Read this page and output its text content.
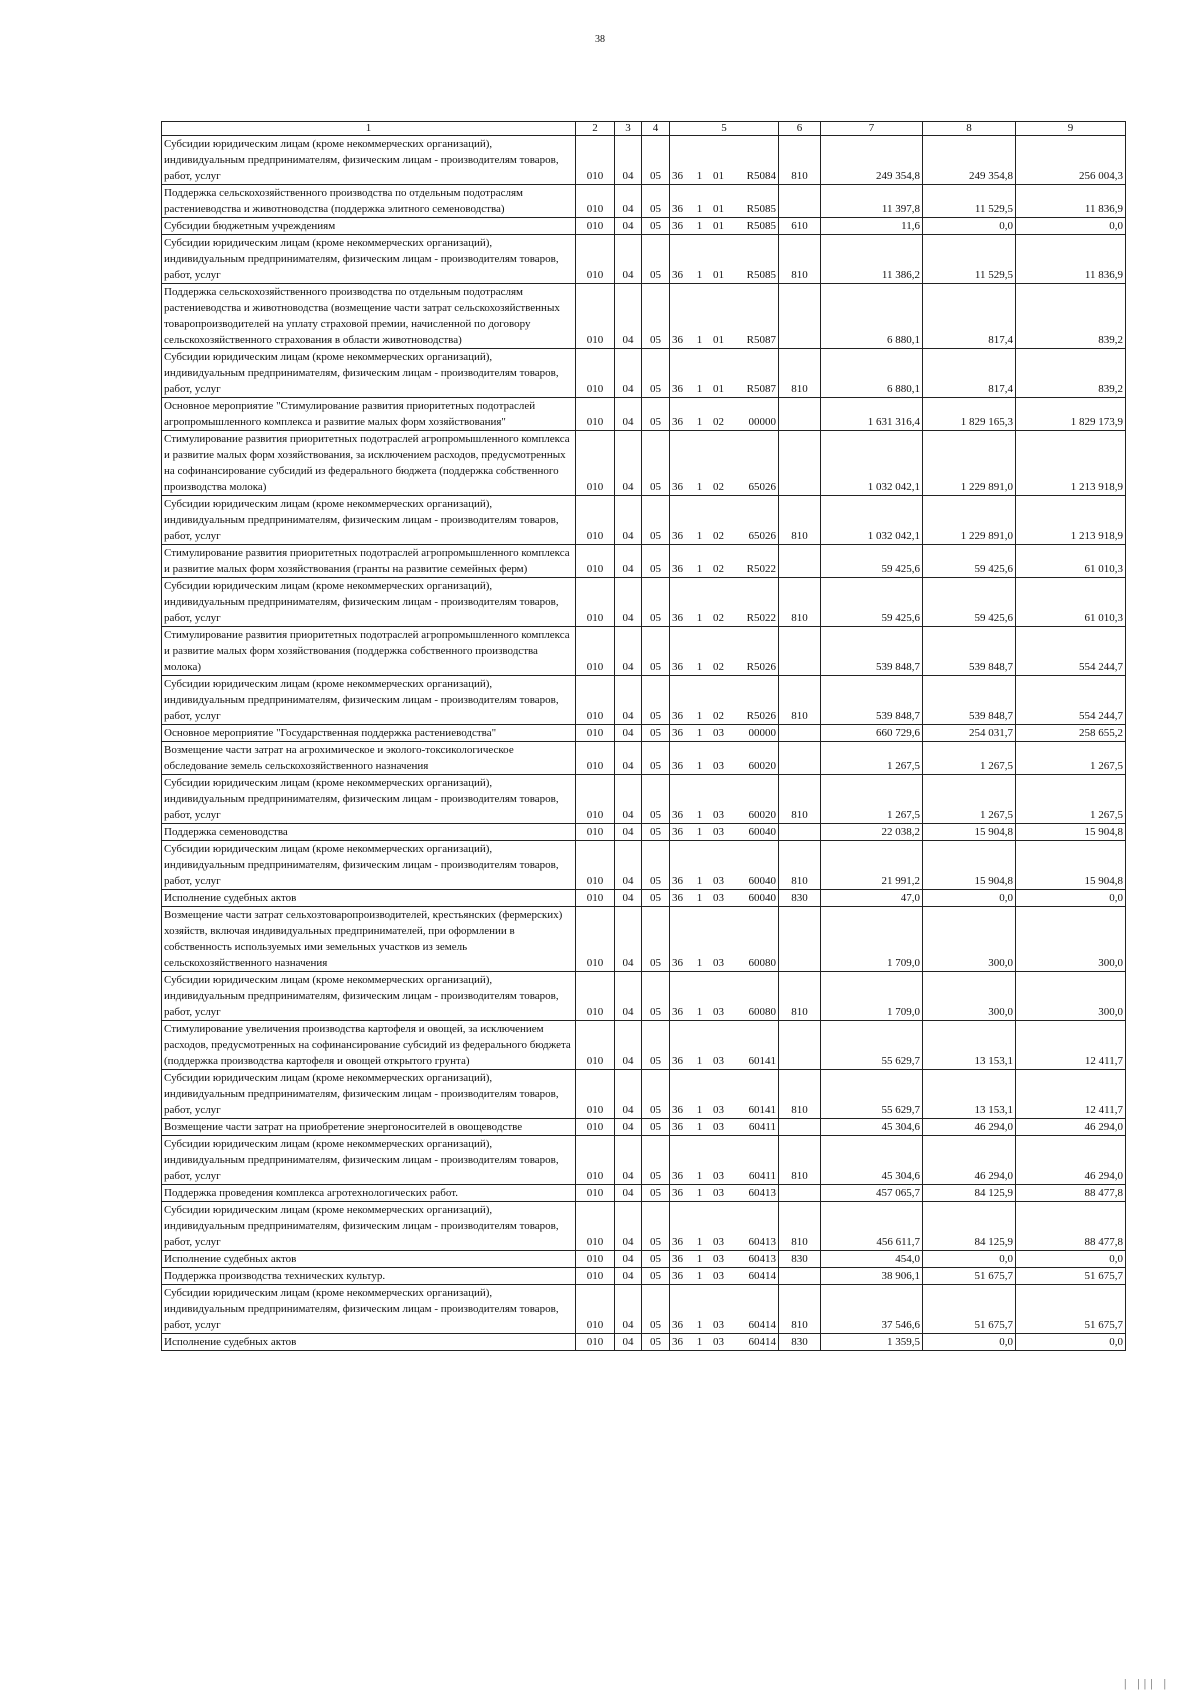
38
1	2	3	4	5				6	7	8	9
Субсидии юридическим лицам (кроме некоммерческих организаций), индивидуальным предпринимателям, физическим лицам - производителям товаров, работ, услуг	010	04	05	36	1	01	R5084	810	249 354,8	249 354,8	256 004,3
Поддержка сельскохозяйственного производства по отдельным подотраслям растениеводства и животноводства (поддержка элитного семеноводства)	010	04	05	36	1	01	R5085		11 397,8	11 529,5	11 836,9
Субсидии бюджетным учреждениям	010	04	05	36	1	01	R5085	610	11,6	0,0	0,0
Субсидии юридическим лицам (кроме некоммерческих организаций), индивидуальным предпринимателям, физическим лицам - производителям товаров, работ, услуг	010	04	05	36	1	01	R5085	810	11 386,2	11 529,5	11 836,9
Поддержка сельскохозяйственного производства по отдельным подотраслям растениеводства и животноводства (возмещение части затрат сельскохозяйственных товаропроизводителей на уплату страховой премии, начисленной по договору сельскохозяйственного страхования в области животноводства)	010	04	05	36	1	01	R5087		6 880,1	817,4	839,2
Субсидии юридическим лицам (кроме некоммерческих организаций), индивидуальным предпринимателям, физическим лицам - производителям товаров, работ, услуг	010	04	05	36	1	01	R5087	810	6 880,1	817,4	839,2
Основное мероприятие "Стимулирование развития приоритетных подотраслей агропромышленного комплекса и развитие малых форм хозяйствования"	010	04	05	36	1	02	00000		1 631 316,4	1 829 165,3	1 829 173,9
Стимулирование развития приоритетных подотраслей агропромышленного комплекса и развитие малых форм хозяйствования, за исключением расходов, предусмотренных на софинансирование субсидий из федерального бюджета (поддержка собственного производства молока)	010	04	05	36	1	02	65026		1 032 042,1	1 229 891,0	1 213 918,9
Субсидии юридическим лицам (кроме некоммерческих организаций), индивидуальным предпринимателям, физическим лицам - производителям товаров, работ, услуг	010	04	05	36	1	02	65026	810	1 032 042,1	1 229 891,0	1 213 918,9
Стимулирование развития приоритетных подотраслей агропромышленного комплекса и развитие малых форм хозяйствования (гранты на развитие семейных ферм)	010	04	05	36	1	02	R5022		59 425,6	59 425,6	61 010,3
Субсидии юридическим лицам (кроме некоммерческих организаций), индивидуальным предпринимателям, физическим лицам - производителям товаров, работ, услуг	010	04	05	36	1	02	R5022	810	59 425,6	59 425,6	61 010,3
Стимулирование развития приоритетных подотраслей агропромышленного комплекса и развитие малых форм хозяйствования (поддержка собственного производства молока)	010	04	05	36	1	02	R5026		539 848,7	539 848,7	554 244,7
Субсидии юридическим лицам (кроме некоммерческих организаций), индивидуальным предпринимателям, физическим лицам - производителям товаров, работ, услуг	010	04	05	36	1	02	R5026	810	539 848,7	539 848,7	554 244,7
Основное мероприятие "Государственная поддержка растениеводства"	010	04	05	36	1	03	00000		660 729,6	254 031,7	258 655,2
Возмещение части затрат на агрохимическое и эколого-токсикологическое обследование земель сельскохозяйственного назначения	010	04	05	36	1	03	60020		1 267,5	1 267,5	1 267,5
Субсидии юридическим лицам (кроме некоммерческих организаций), индивидуальным предпринимателям, физическим лицам - производителям товаров, работ, услуг	010	04	05	36	1	03	60020	810	1 267,5	1 267,5	1 267,5
Поддержка семеноводства	010	04	05	36	1	03	60040		22 038,2	15 904,8	15 904,8
Субсидии юридическим лицам (кроме некоммерческих организаций), индивидуальным предпринимателям, физическим лицам - производителям товаров, работ, услуг	010	04	05	36	1	03	60040	810	21 991,2	15 904,8	15 904,8
Исполнение судебных актов	010	04	05	36	1	03	60040	830	47,0	0,0	0,0
Возмещение части затрат сельхозтоваропроизводителей, крестьянских (фермерских) хозяйств, включая индивидуальных предпринимателей, при оформлении в собственность используемых ими земельных участков из земель сельскохозяйственного назначения	010	04	05	36	1	03	60080		1 709,0	300,0	300,0
Субсидии юридическим лицам (кроме некоммерческих организаций), индивидуальным предпринимателям, физическим лицам - производителям товаров, работ, услуг	010	04	05	36	1	03	60080	810	1 709,0	300,0	300,0
Стимулирование увеличения производства картофеля и овощей, за исключением расходов, предусмотренных на софинансирование субсидий из федерального бюджета (поддержка производства картофеля и овощей открытого грунта)	010	04	05	36	1	03	60141		55 629,7	13 153,1	12 411,7
Субсидии юридическим лицам (кроме некоммерческих организаций), индивидуальным предпринимателям, физическим лицам - производителям товаров, работ, услуг	010	04	05	36	1	03	60141	810	55 629,7	13 153,1	12 411,7
Возмещение части затрат на приобретение энергоносителей в овощеводстве	010	04	05	36	1	03	60411		45 304,6	46 294,0	46 294,0
Субсидии юридическим лицам (кроме некоммерческих организаций), индивидуальным предпринимателям, физическим лицам - производителям товаров, работ, услуг	010	04	05	36	1	03	60411	810	45 304,6	46 294,0	46 294,0
Поддержка проведения комплекса агротехнологических работ.	010	04	05	36	1	03	60413		457 065,7	84 125,9	88 477,8
Субсидии юридическим лицам (кроме некоммерческих организаций), индивидуальным предпринимателям, физическим лицам - производителям товаров, работ, услуг	010	04	05	36	1	03	60413	810	456 611,7	84 125,9	88 477,8
Исполнение судебных актов	010	04	05	36	1	03	60413	830	454,0	0,0	0,0
Поддержка производства технических культур.	010	04	05	36	1	03	60414		38 906,1	51 675,7	51 675,7
Субсидии юридическим лицам (кроме некоммерческих организаций), индивидуальным предпринимателям, физическим лицам - производителям товаров, работ, услуг	010	04	05	36	1	03	60414	810	37 546,6	51 675,7	51 675,7
Исполнение судебных актов	010	04	05	36	1	03	60414	830	1 359,5	0,0	0,0
| ||| |
